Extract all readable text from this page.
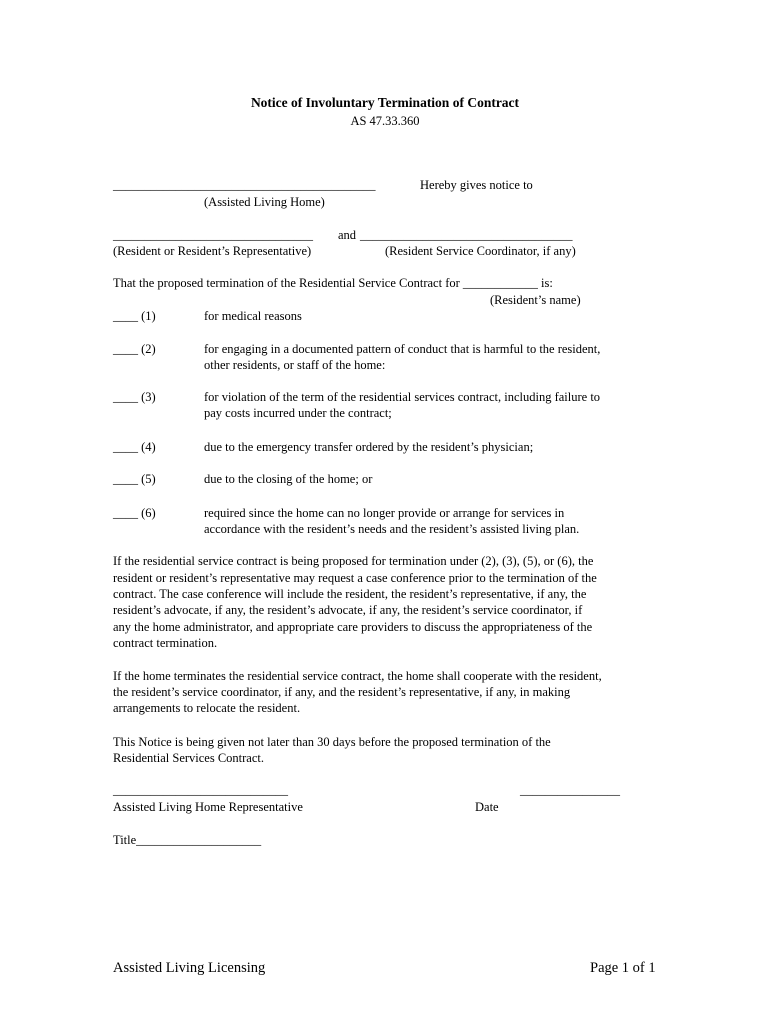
Notice of Involuntary Termination of Contract
AS 47.33.360
__________________________________________	Hereby gives notice to
(Assisted Living Home)
________________________________ and __________________________________
(Resident or Resident’s Representative)	(Resident Service Coordinator, if any)
That the proposed termination of the Residential Service Contract for ____________ is:
(Resident’s name)
____ (1)	for medical reasons
____ (2)	for engaging in a documented pattern of conduct that is harmful to the resident,
other residents, or staff of the home:
____ (3)	for violation of the term of the residential services contract, including failure to
pay costs incurred under the contract;
____ (4)	due to the emergency transfer ordered by the resident’s physician;
____ (5)	due to the closing of the home; or
____ (6)	required since the home can no longer provide or arrange for services in
accordance with the resident’s needs and the resident’s assisted living plan.
If the residential service contract is being proposed for termination under (2), (3), (5), or (6), the
resident or resident’s representative may request a case conference prior to the termination of the
contract. The case conference will include the resident, the resident’s representative, if any, the
resident’s advocate, if any, the resident’s advocate, if any, the resident’s service coordinator, if
any the home administrator, and appropriate care providers to discuss the appropriateness of the
contract termination.
If the home terminates the residential service contract, the home shall cooperate with the resident,
the resident’s service coordinator, if any, and the resident’s representative, if any, in making
arrangements to relocate the resident.
This Notice is being given not later than 30 days before the proposed termination of the
Residential Services Contract.
____________________________	________________
Assisted Living Home Representative	Date
Title____________________
Assisted Living Licensing	Page 1 of 1
